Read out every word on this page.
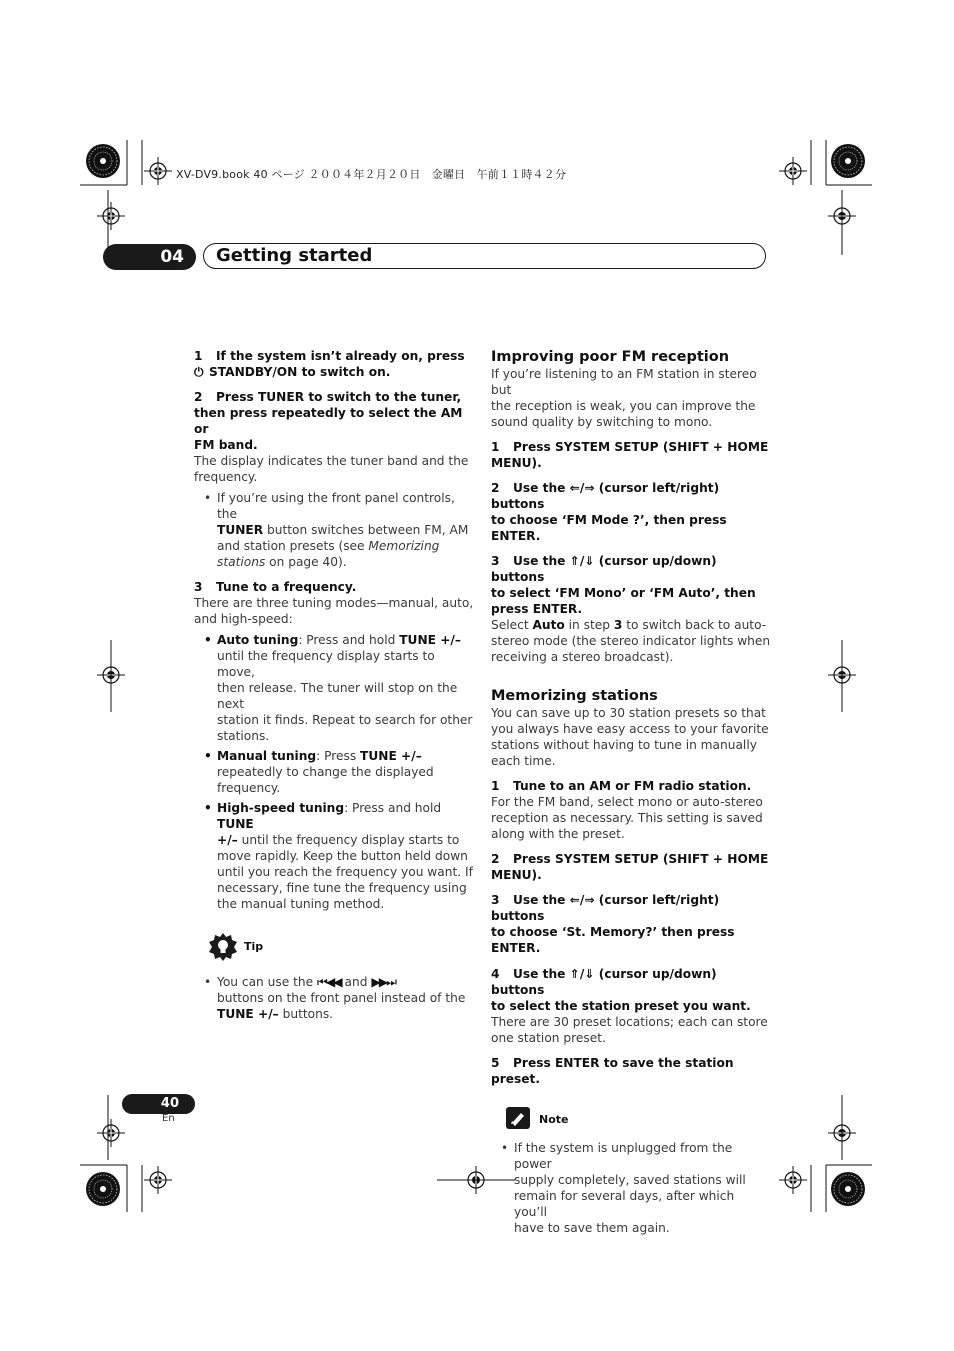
XV-DV9.book 40 ページ ２００４年２月２０日　金曜日　午前１１時４２分
04	Getting started

1 If the system isn’t already on, press

⏻ STANDBY/ON to switch on.

2 Press TUNER to switch to the tuner,

then press repeatedly to select the AM or

FM band.

The display indicates the tuner band and the

frequency.

• If you’re using the front panel controls, the

TUNER button switches between FM, AM

and station presets (see Memorizing

stations on page 40).

3 Tune to a frequency.

There are three tuning modes—manual, auto,

and high-speed:

• Auto tuning: Press and hold TUNE +/–

until the frequency display starts to move,

then release. The tuner will stop on the next

station it finds. Repeat to search for other

stations.

• Manual tuning: Press TUNE +/–

repeatedly to change the displayed

frequency.

• High-speed tuning: Press and hold TUNE

+/– until the frequency display starts to

move rapidly. Keep the button held down

until you reach the frequency you want. If

necessary, fine tune the frequency using

the manual tuning method.

Tip
• You can use the ⏮◀◀ and ▶▶⏭

buttons on the front panel instead of the

TUNE +/– buttons.

Improving poor FM reception

If you’re listening to an FM station in stereo but

the reception is weak, you can improve the

sound quality by switching to mono.

1 Press SYSTEM SETUP (SHIFT + HOME

MENU).

2 Use the ⇐/⇒ (cursor left/right) buttons

to choose ‘FM Mode ?’, then press ENTER.

3 Use the ⇑/⇓ (cursor up/down) buttons

to select ‘FM Mono’ or ‘FM Auto’, then

press ENTER.

Select Auto in step 3 to switch back to auto-

stereo mode (the stereo indicator lights when

receiving a stereo broadcast).

Memorizing stations

You can save up to 30 station presets so that

you always have easy access to your favorite

stations without having to tune in manually

each time.

1 Tune to an AM or FM radio station.

For the FM band, select mono or auto-stereo

reception as necessary. This setting is saved

along with the preset.

2 Press SYSTEM SETUP (SHIFT + HOME

MENU).

3 Use the ⇐/⇒ (cursor left/right) buttons

to choose ‘St. Memory?’ then press ENTER.

4 Use the ⇑/⇓ (cursor up/down) buttons

to select the station preset you want.

There are 30 preset locations; each can store

one station preset.

5 Press ENTER to save the station preset.

Note
• If the system is unplugged from the power

supply completely, saved stations will

remain for several days, after which you’ll

have to save them again.

40
En
